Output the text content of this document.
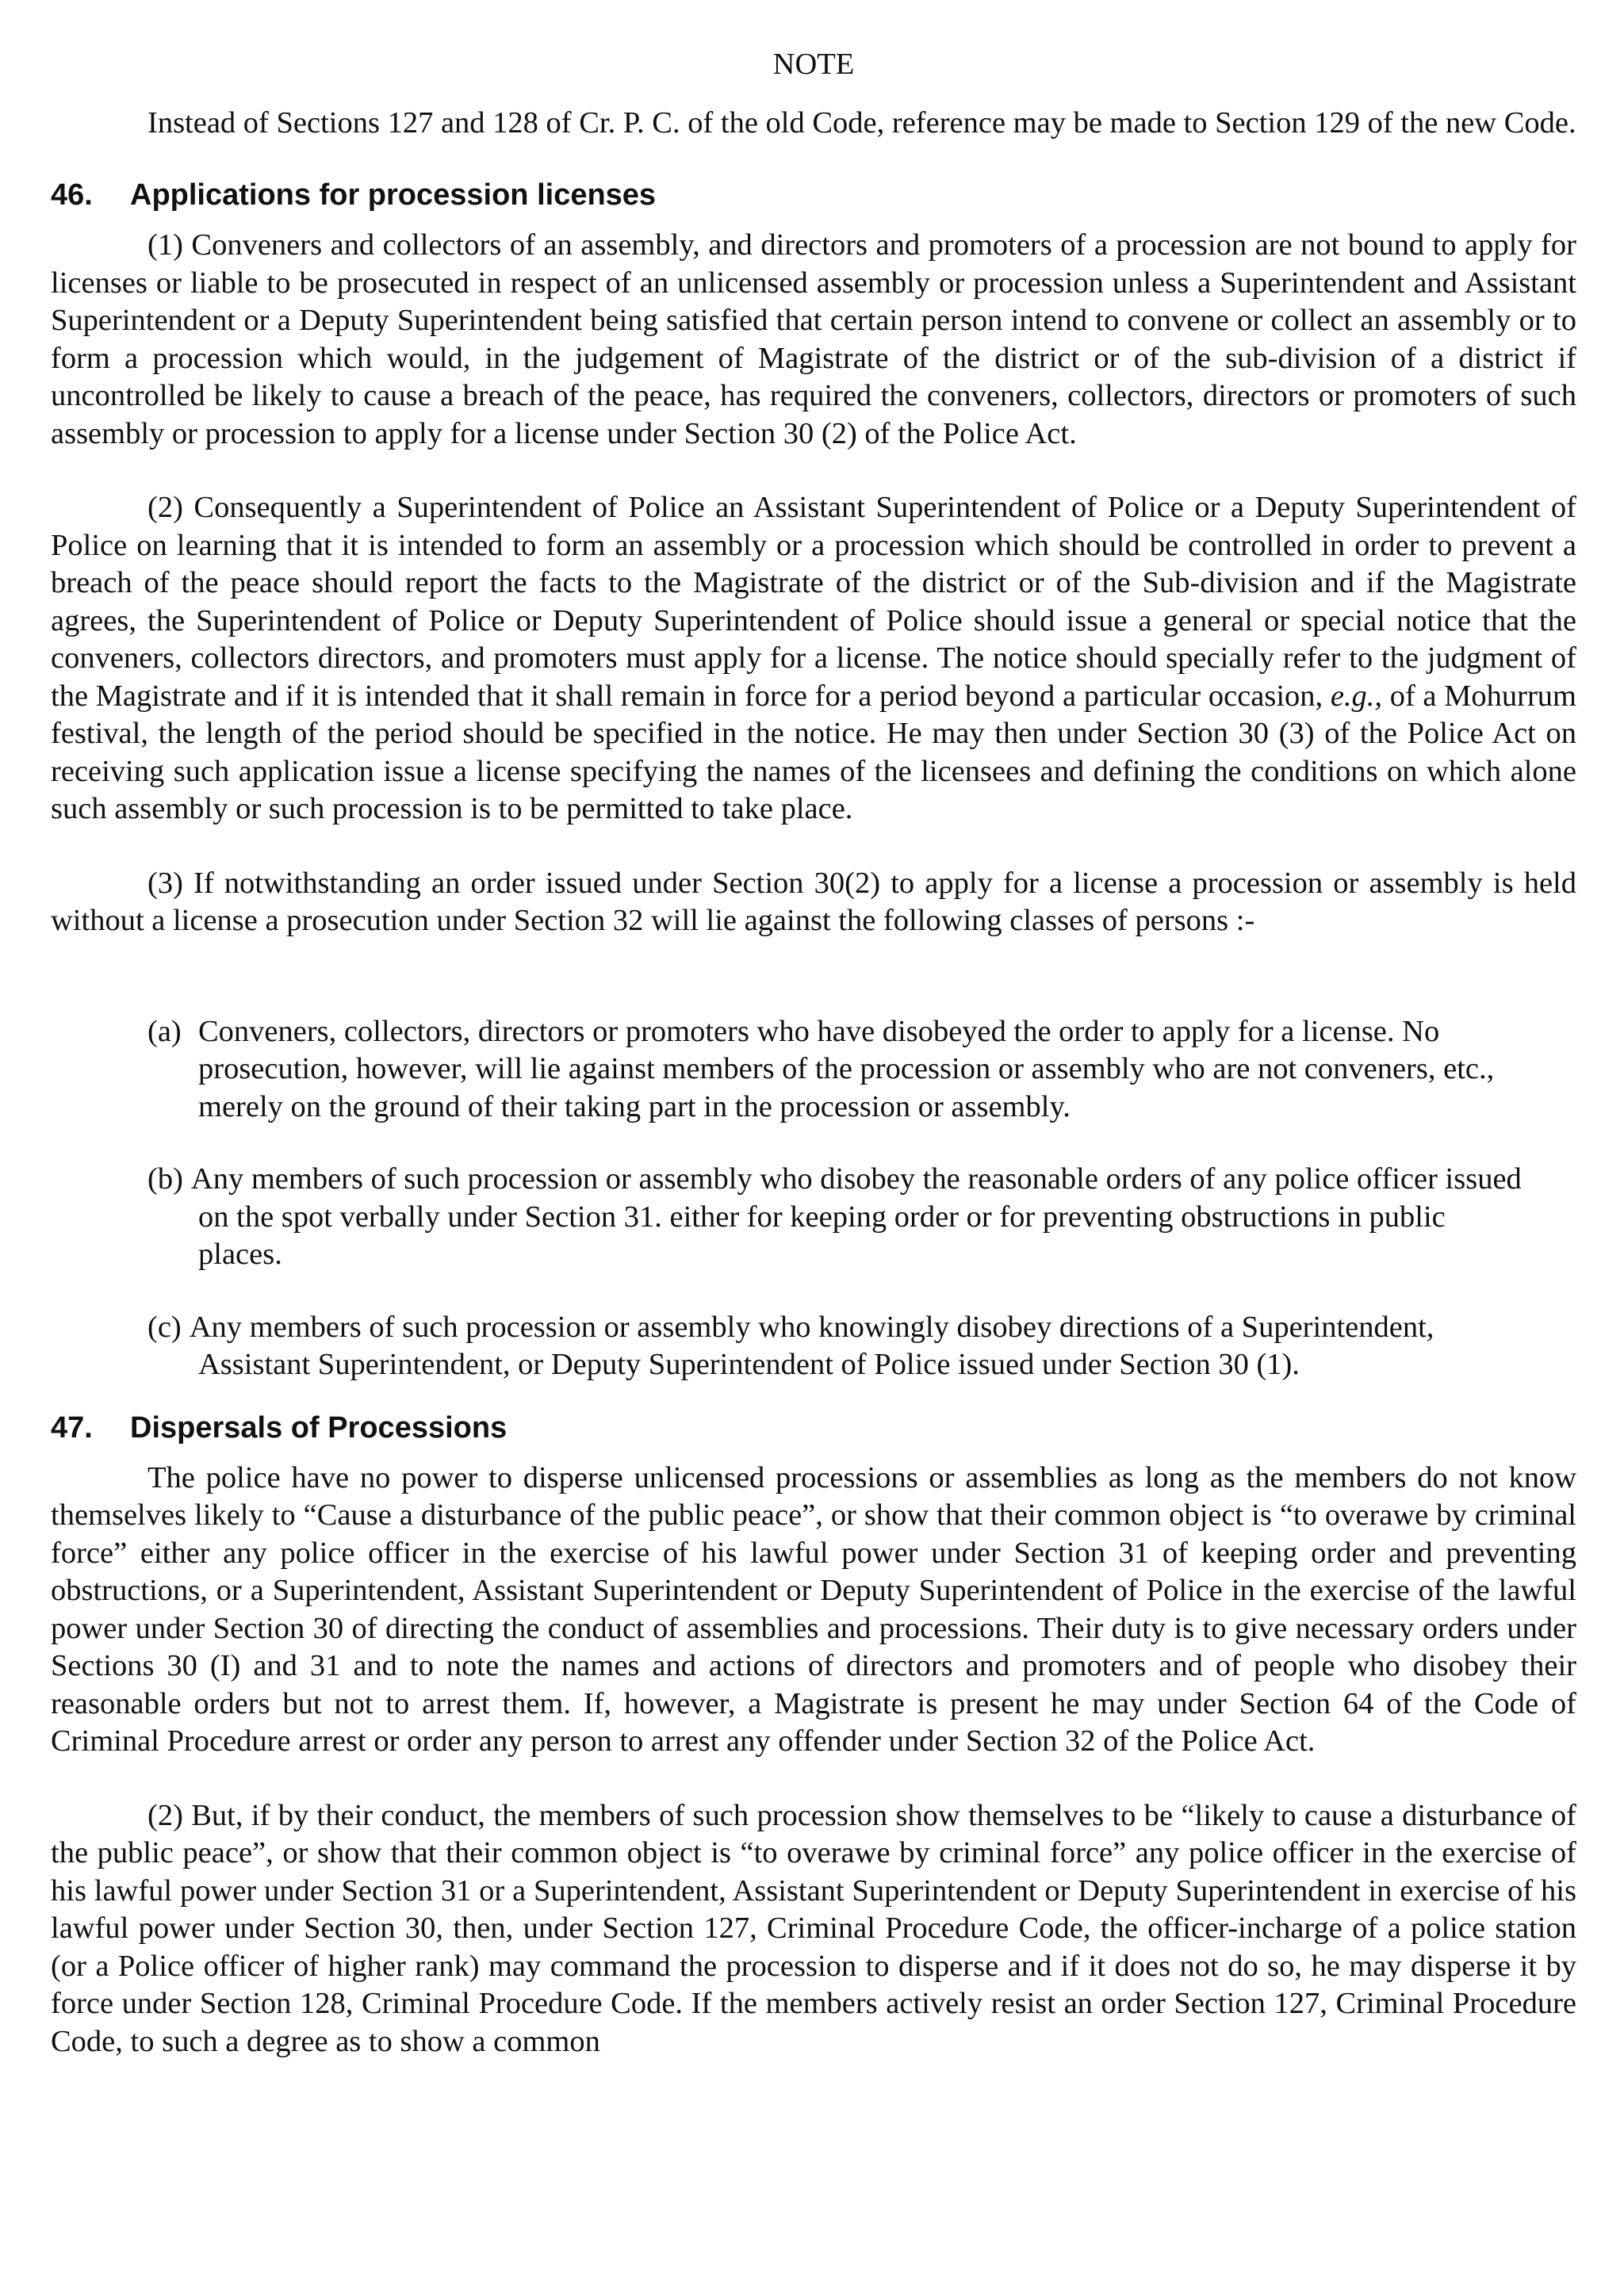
NOTE

Instead of Sections 127 and 128 of Cr. P. C. of the old Code, reference may be made to Section 129 of the new Code.

46. Applications for procession licenses

(1) Conveners and collectors of an assembly, and directors and promoters of a procession are not bound to apply for licenses or liable to be prosecuted in respect of an unlicensed assembly or procession unless a Superintendent and Assistant Superintendent or a Deputy Superintendent being satisfied that certain person intend to convene or collect an assembly or to form a procession which would, in the judgement of Magistrate of the district or of the sub-division of a district if uncontrolled be likely to cause a breach of the peace, has required the conveners, collectors, directors or promoters of such assembly or procession to apply for a license under Section 30 (2) of the Police Act.

(2) Consequently a Superintendent of Police an Assistant Superintendent of Police or a Deputy Superintendent of Police on learning that it is intended to form an assembly or a procession which should be controlled in order to prevent a breach of the peace should report the facts to the Magistrate of the district or of the Sub-division and if the Magistrate agrees, the Superintendent of Police or Deputy Superintendent of Police should issue a general or special notice that the conveners, collectors directors, and promoters must apply for a license. The notice should specially refer to the judgment of the Magistrate and if it is intended that it shall remain in force for a period beyond a particular occasion, e.g., of a Mohurrum festival, the length of the period should be specified in the notice. He may then under Section 30 (3) of the Police Act on receiving such application issue a license specifying the names of the licensees and defining the conditions on which alone such assembly or such procession is to be permitted to take place.

(3) If notwithstanding an order issued under Section 30(2) to apply for a license a procession or assembly is held without a license a prosecution under Section 32 will lie against the following classes of persons :-

(a) Conveners, collectors, directors or promoters who have disobeyed the order to apply for a license. No prosecution, however, will lie against members of the procession or assembly who are not conveners, etc., merely on the ground of their taking part in the procession or assembly.
(b) Any members of such procession or assembly who disobey the reasonable orders of any police officer issued on the spot verbally under Section 31. either for keeping order or for preventing obstructions in public places.
(c) Any members of such procession or assembly who knowingly disobey directions of a Superintendent, Assistant Superintendent, or Deputy Superintendent of Police issued under Section 30 (1).
47. Dispersals of Processions

The police have no power to disperse unlicensed processions or assemblies as long as the members do not know themselves likely to “Cause a disturbance of the public peace”, or show that their common object is “to overawe by criminal force” either any police officer in the exercise of his lawful power under Section 31 of keeping order and preventing obstructions, or a Superintendent, Assistant Superintendent or Deputy Superintendent of Police in the exercise of the lawful power under Section 30 of directing the conduct of assemblies and processions. Their duty is to give necessary orders under Sections 30 (I) and 31 and to note the names and actions of directors and promoters and of people who disobey their reasonable orders but not to arrest them. If, however, a Magistrate is present he may under Section 64 of the Code of Criminal Procedure arrest or order any person to arrest any offender under Section 32 of the Police Act.

(2) But, if by their conduct, the members of such procession show themselves to be “likely to cause a disturbance of the public peace”, or show that their common object is “to overawe by criminal force” any police officer in the exercise of his lawful power under Section 31 or a Superintendent, Assistant Superintendent or Deputy Superintendent in exercise of his lawful power under Section 30, then, under Section 127, Criminal Procedure Code, the officer-incharge of a police station (or a Police officer of higher rank) may command the procession to disperse and if it does not do so, he may disperse it by force under Section 128, Criminal Procedure Code. If the members actively resist an order Section 127, Criminal Procedure Code, to such a degree as to show a common
